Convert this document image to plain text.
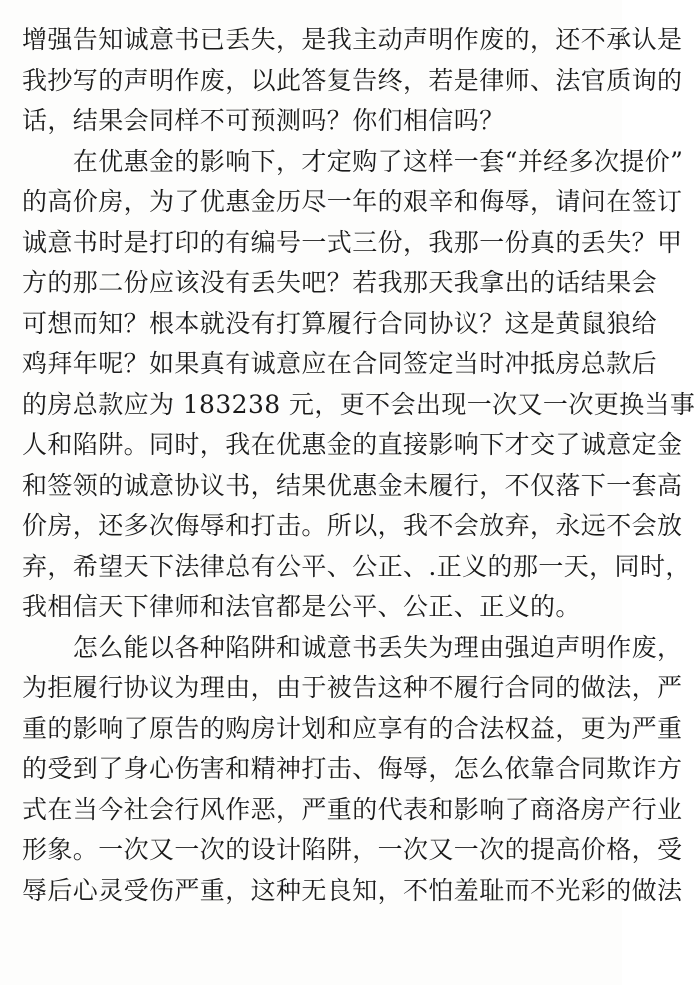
增强告知诚意书已丢失，是我主动声明作废的，还不承认是
我抄写的声明作废，以此答复告终，若是律师、法官质询的
话，结果会同样不可预测吗？你们相信吗？
　　在优惠金的影响下，才定购了这样一套“并经多次提价”
的高价房，为了优惠金历尽一年的艰辛和侮辱，请问在签订
诚意书时是打印的有编号一式三份，我那一份真的丢失？甲
方的那二份应该没有丢失吧？若我那天我拿出的话结果会
可想而知？根本就没有打算履行合同协议？这是黄鼠狼给
鸡拜年呢？如果真有诚意应在合同签定当时冲抵房总款后
的房总款应为 183238 元，更不会出现一次又一次更换当事
人和陷阱。同时，我在优惠金的直接影响下才交了诚意定金
和签领的诚意协议书，结果优惠金未履行，不仅落下一套高
价房，还多次侮辱和打击。所以，我不会放弃，永远不会放
弃，希望天下法律总有公平、公正、.正义的那一天，同时，
我相信天下律师和法官都是公平、公正、正义的。
　　怎么能以各种陷阱和诚意书丢失为理由强迫声明作废，
为拒履行协议为理由，由于被告这种不履行合同的做法，严
重的影响了原告的购房计划和应享有的合法权益，更为严重
的受到了身心伤害和精神打击、侮辱，怎么依靠合同欺诈方
式在当今社会行风作恶，严重的代表和影响了商洛房产行业
形象。一次又一次的设计陷阱，一次又一次的提高价格，受
辱后心灵受伤严重，这种无良知，不怕羞耻而不光彩的做法
